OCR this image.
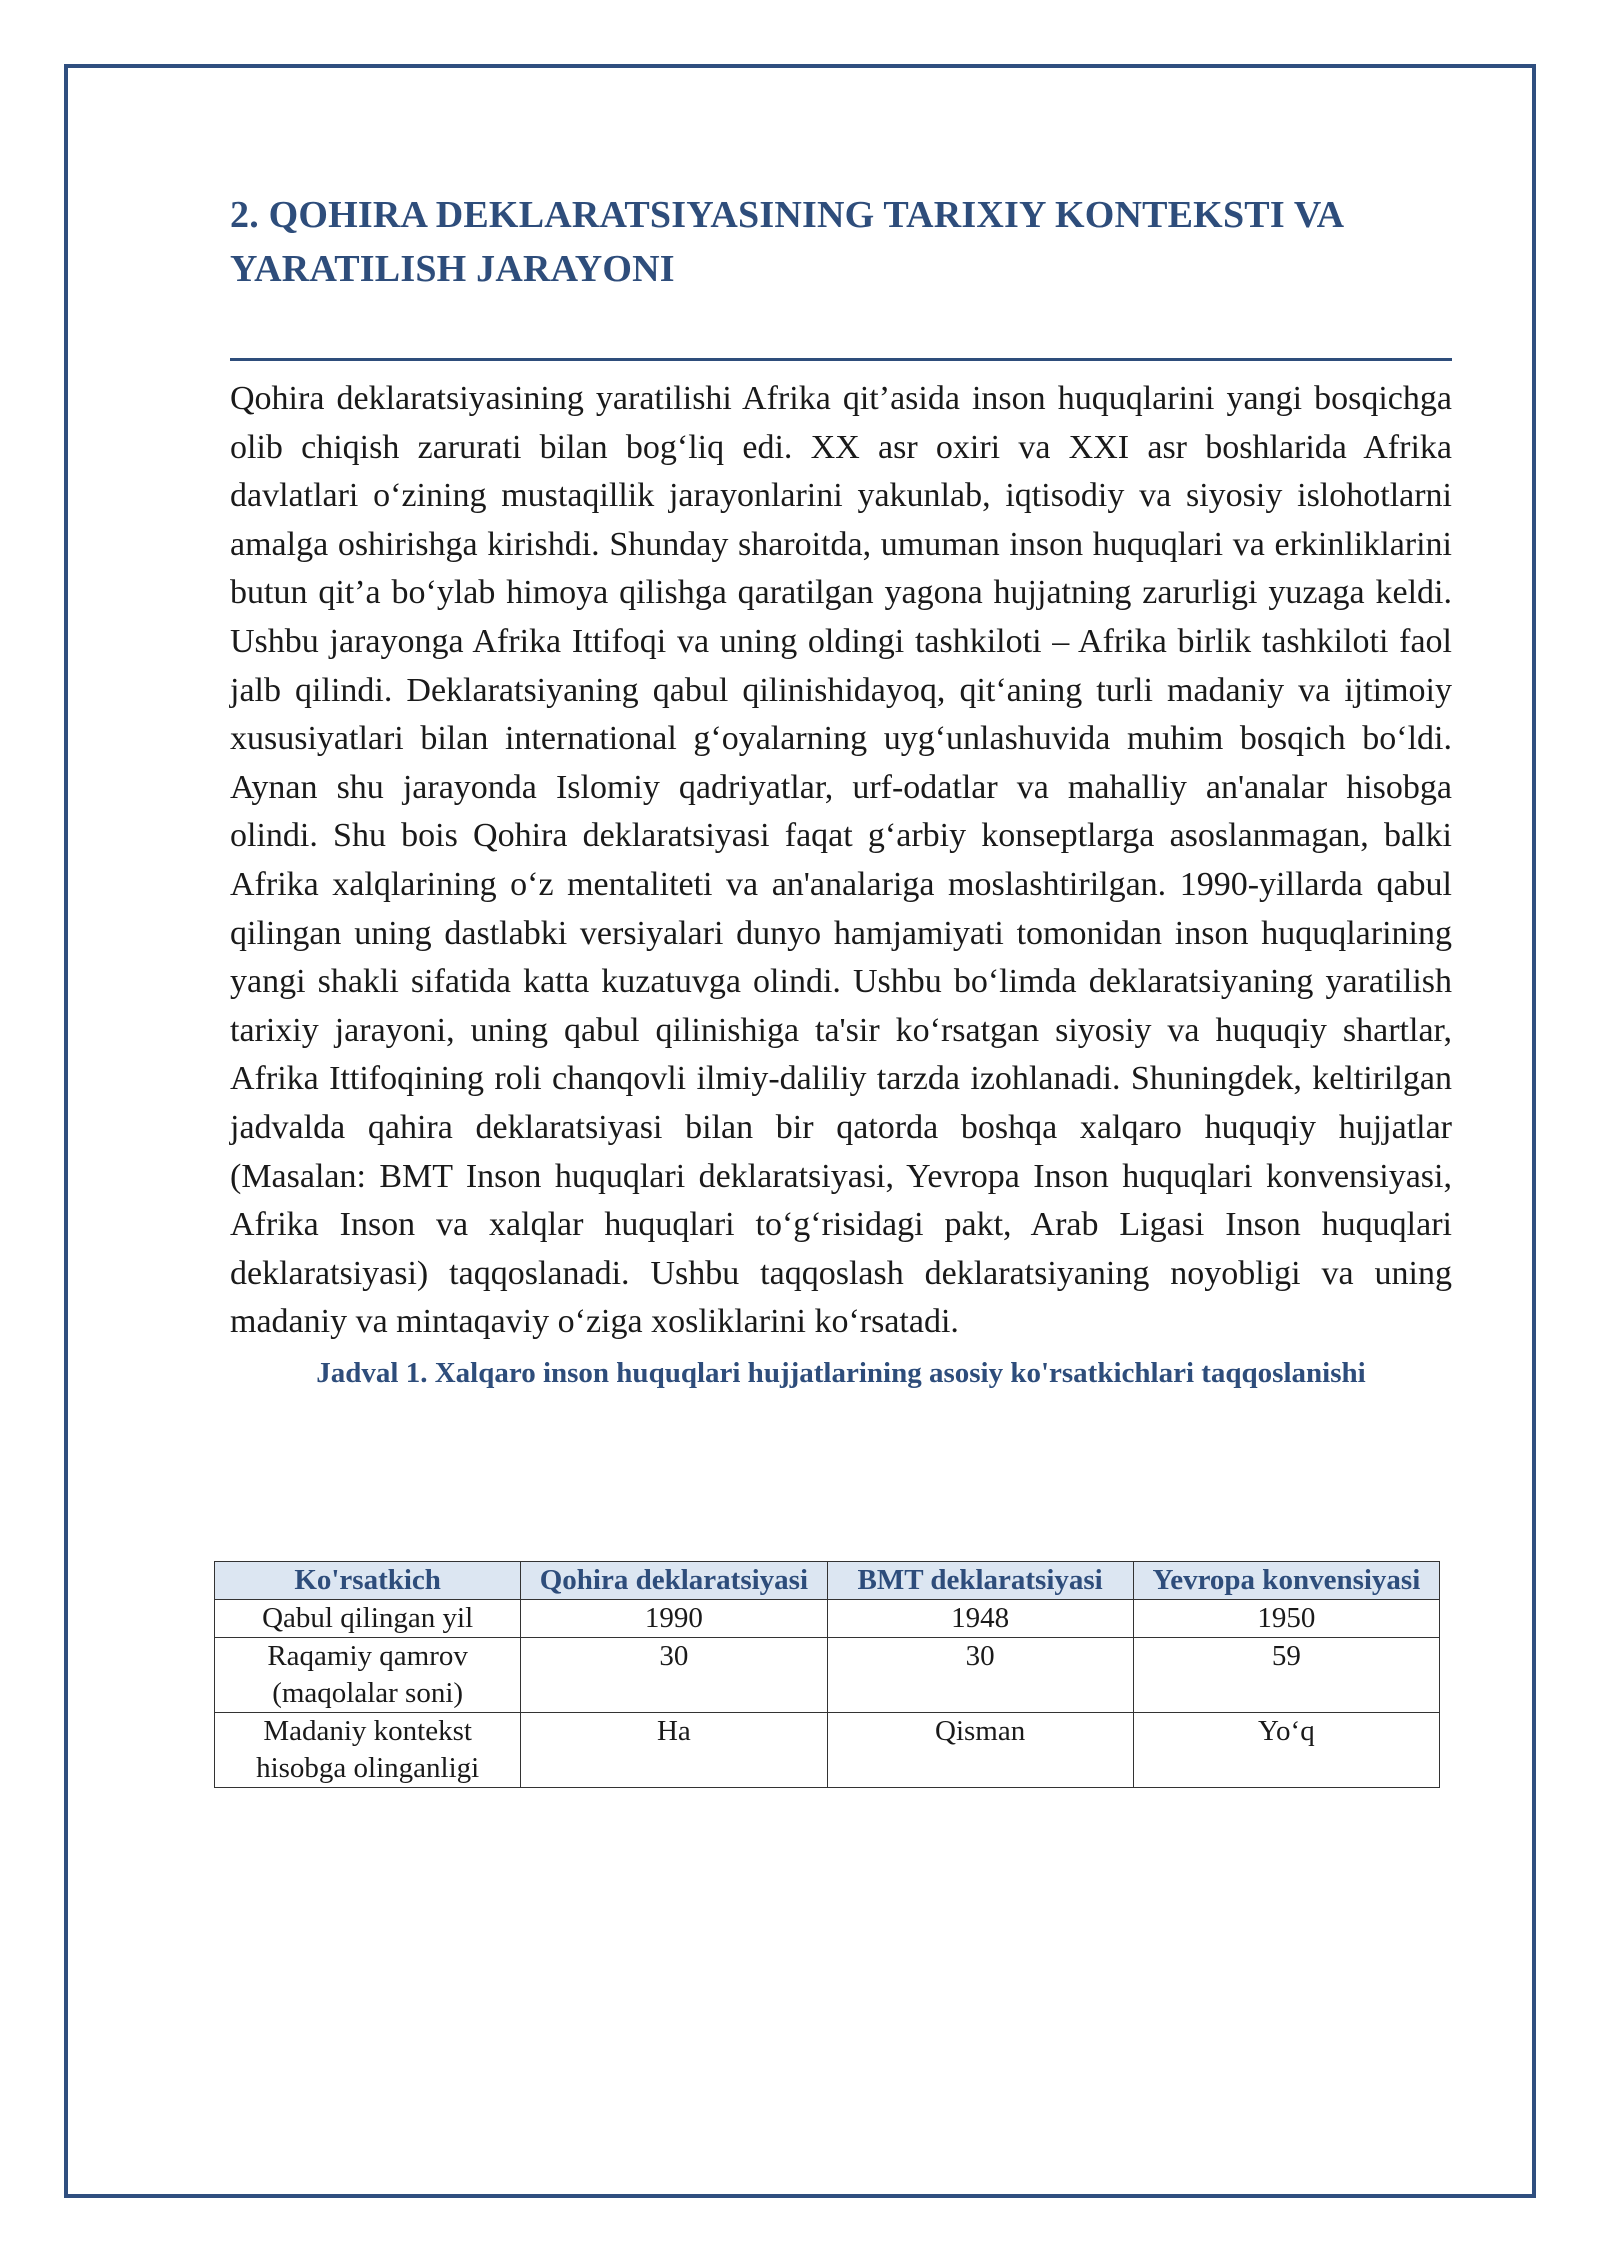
2. QOHIRA DEKLARATSIYASINING TARIXIY KONTEKSTI VA YARATILISH JARAYONI

Qohira deklaratsiyasining yaratilishi Afrika qit’asida inson huquqlarini yangi bosqichga olib chiqish zarurati bilan bog‘liq edi. XX asr oxiri va XXI asr boshlarida Afrika davlatlari o‘zining mustaqillik jarayonlarini yakunlab, iqtisodiy va siyosiy islohotlarni amalga oshirishga kirishdi. Shunday sharoitda, umuman inson huquqlari va erkinliklarini butun qit’a bo‘ylab himoya qilishga qaratilgan yagona hujjatning zarurligi yuzaga keldi. Ushbu jarayonga Afrika Ittifoqi va uning oldingi tashkiloti – Afrika birlik tashkiloti faol jalb qilindi. Deklaratsiyaning qabul qilinishidayoq, qit‘aning turli madaniy va ijtimoiy xususiyatlari bilan international g‘oyalarning uyg‘unlashuvida muhim bosqich bo‘ldi. Aynan shu jarayonda Islomiy qadriyatlar, urf-odatlar va mahalliy an'analar hisobga olindi. Shu bois Qohira deklaratsiyasi faqat g‘arbiy konseptlarga asoslanmagan, balki Afrika xalqlarining o‘z mentaliteti va an'analariga moslashtirilgan. 1990-yillarda qabul qilingan uning dastlabki versiyalari dunyo hamjamiyati tomonidan inson huquqlarining yangi shakli sifatida katta kuzatuvga olindi. Ushbu bo‘limda deklaratsiyaning yaratilish tarixiy jarayoni, uning qabul qilinishiga ta'sir ko‘rsatgan siyosiy va huquqiy shartlar, Afrika Ittifoqining roli chanqovli ilmiy-daliliy tarzda izohlanadi. Shuningdek, keltirilgan jadvalda qahira deklaratsiyasi bilan bir qatorda boshqa xalqaro huquqiy hujjatlar (Masalan: BMT Inson huquqlari deklaratsiyasi, Yevropa Inson huquqlari konvensiyasi, Afrika Inson va xalqlar huquqlari to‘g‘risidagi pakt, Arab Ligasi Inson huquqlari deklaratsiyasi) taqqoslanadi. Ushbu taqqoslash deklaratsiyaning noyobligi va uning madaniy va mintaqaviy o‘ziga xosliklarini ko‘rsatadi.

Jadval 1. Xalqaro inson huquqlari hujjatlarining asosiy ko'rsatkichlari taqqoslanishi
Ko'rsatkich	Qohira deklaratsiyasi	BMT deklaratsiyasi	Yevropa konvensiyasi
Qabul qilingan yil	1990	1948	1950
Raqamiy qamrov (maqolalar soni)	30	30	59
Madaniy kontekst hisobga olinganligi	Ha	Qisman	Yo‘q
